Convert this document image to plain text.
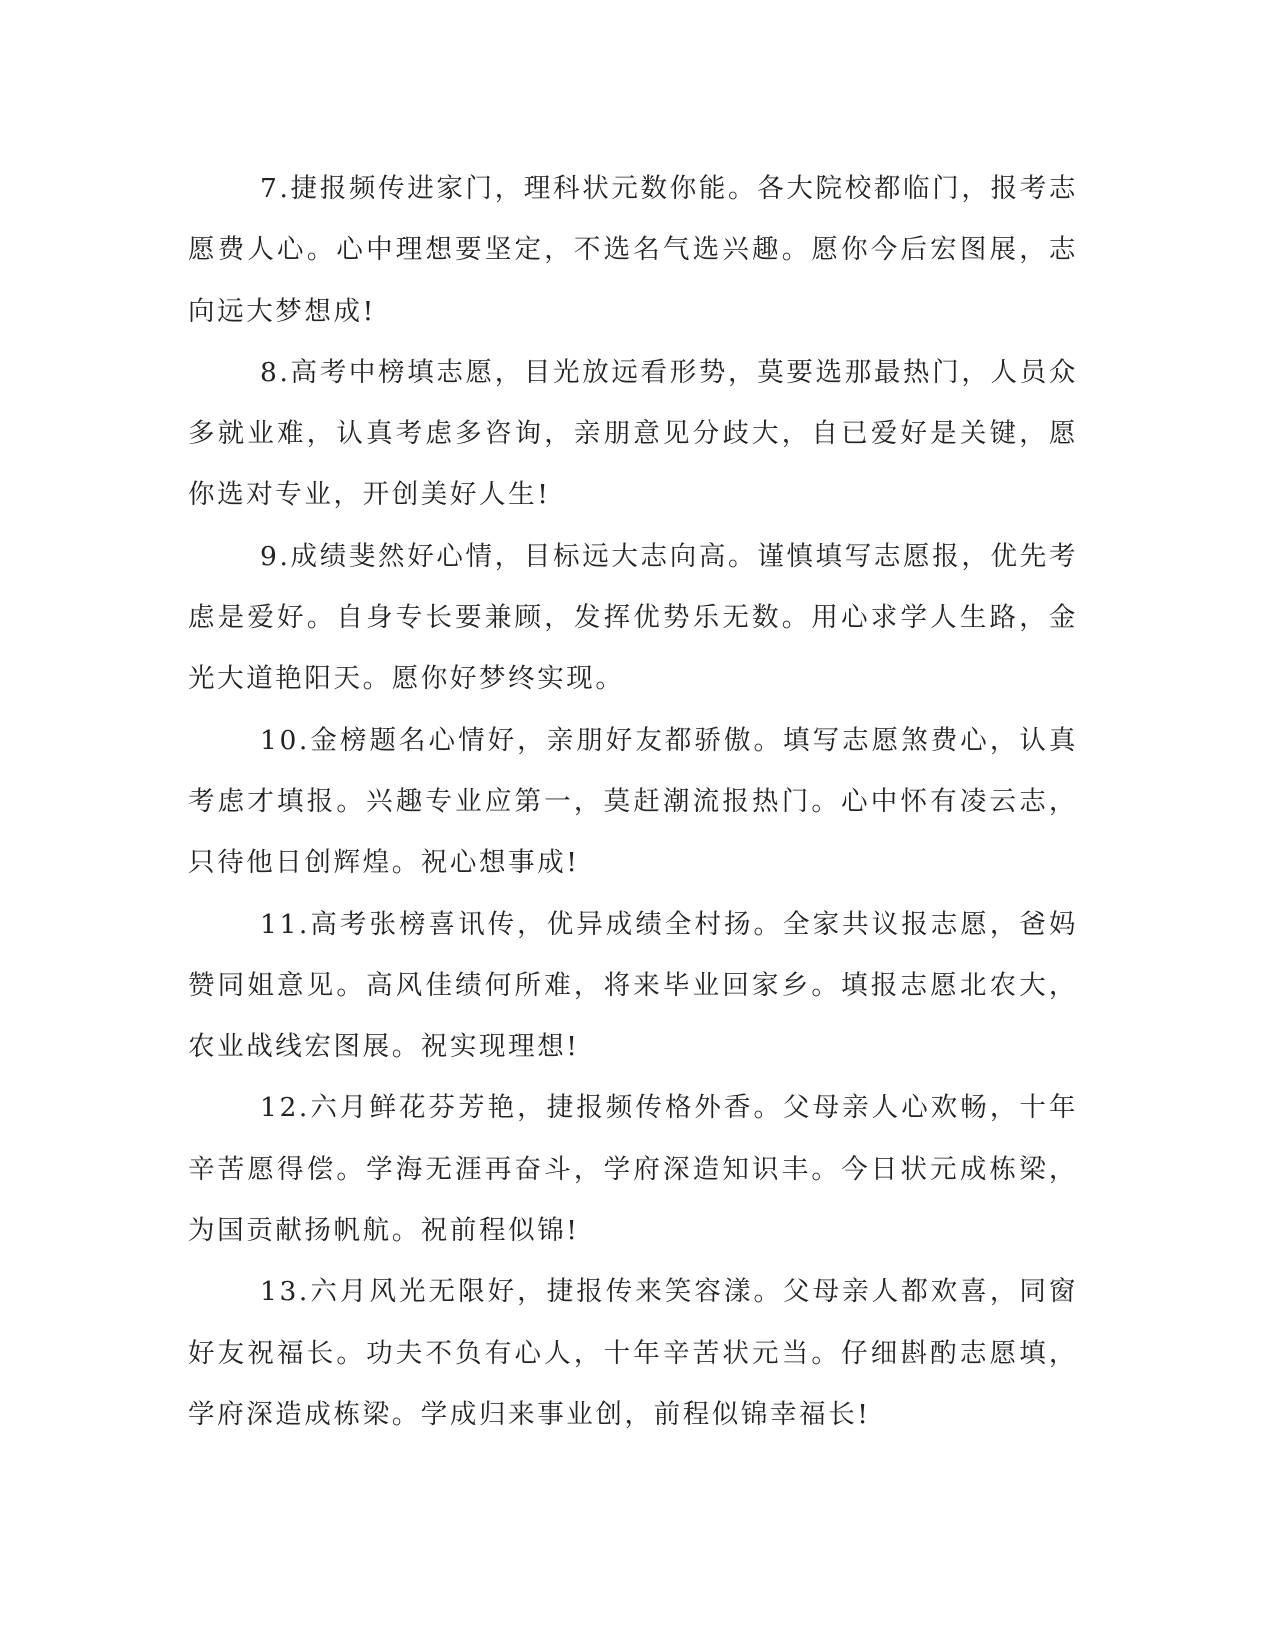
7.捷报频传进家门，理科状元数你能。各大院校都临门，报考志愿费人心。心中理想要坚定，不选名气选兴趣。愿你今后宏图展，志向远大梦想成!

8.高考中榜填志愿，目光放远看形势，莫要选那最热门，人员众多就业难，认真考虑多咨询，亲朋意见分歧大，自已爱好是关键，愿你选对专业，开创美好人生!

9.成绩斐然好心情，目标远大志向高。谨慎填写志愿报，优先考虑是爱好。自身专长要兼顾，发挥优势乐无数。用心求学人生路，金光大道艳阳天。愿你好梦终实现。

10.金榜题名心情好，亲朋好友都骄傲。填写志愿煞费心，认真考虑才填报。兴趣专业应第一，莫赶潮流报热门。心中怀有凌云志，只待他日创辉煌。祝心想事成!

11.高考张榜喜讯传，优异成绩全村扬。全家共议报志愿，爸妈赞同姐意见。高风佳绩何所难，将来毕业回家乡。填报志愿北农大，农业战线宏图展。祝实现理想!

12.六月鲜花芬芳艳，捷报频传格外香。父母亲人心欢畅，十年辛苦愿得偿。学海无涯再奋斗，学府深造知识丰。今日状元成栋梁，为国贡献扬帆航。祝前程似锦!

13.六月风光无限好，捷报传来笑容漾。父母亲人都欢喜，同窗好友祝福长。功夫不负有心人，十年辛苦状元当。仔细斟酌志愿填，学府深造成栋梁。学成归来事业创，前程似锦幸福长!
